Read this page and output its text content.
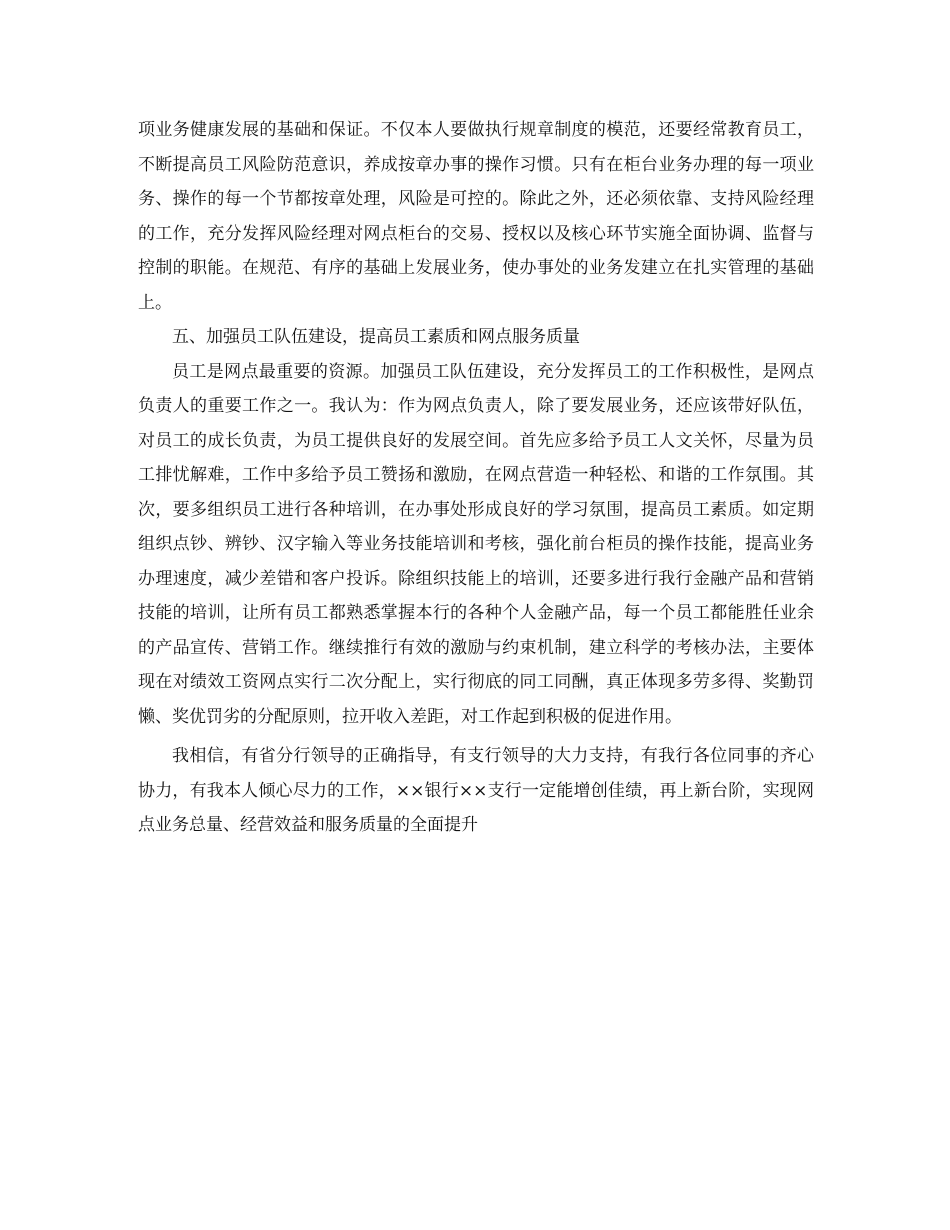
项业务健康发展的基础和保证。不仅本人要做执行规章制度的模范，还要经常教育员工，不断提高员工风险防范意识，养成按章办事的操作习惯。只有在柜台业务办理的每一项业务、操作的每一个节都按章处理，风险是可控的。除此之外，还必须依靠、支持风险经理的工作，充分发挥风险经理对网点柜台的交易、授权以及核心环节实施全面协调、监督与控制的职能。在规范、有序的基础上发展业务，使办事处的业务发建立在扎实管理的基础上。

五、加强员工队伍建设，提高员工素质和网点服务质量

员工是网点最重要的资源。加强员工队伍建设，充分发挥员工的工作积极性，是网点负责人的重要工作之一。我认为：作为网点负责人，除了要发展业务，还应该带好队伍，对员工的成长负责，为员工提供良好的发展空间。首先应多给予员工人文关怀，尽量为员工排忧解难，工作中多给予员工赞扬和激励，在网点营造一种轻松、和谐的工作氛围。其次，要多组织员工进行各种培训，在办事处形成良好的学习氛围，提高员工素质。如定期组织点钞、辨钞、汉字输入等业务技能培训和考核，强化前台柜员的操作技能，提高业务办理速度，减少差错和客户投诉。除组织技能上的培训，还要多进行我行金融产品和营销技能的培训，让所有员工都熟悉掌握本行的各种个人金融产品，每一个员工都能胜任业余的产品宣传、营销工作。继续推行有效的激励与约束机制，建立科学的考核办法，主要体现在对绩效工资网点实行二次分配上，实行彻底的同工同酬，真正体现多劳多得、奖勤罚懒、奖优罚劣的分配原则，拉开收入差距，对工作起到积极的促进作用。

我相信，有省分行领导的正确指导，有支行领导的大力支持，有我行各位同事的齐心协力，有我本人倾心尽力的工作，××银行××支行一定能增创佳绩，再上新台阶，实现网点业务总量、经营效益和服务质量的全面提升
